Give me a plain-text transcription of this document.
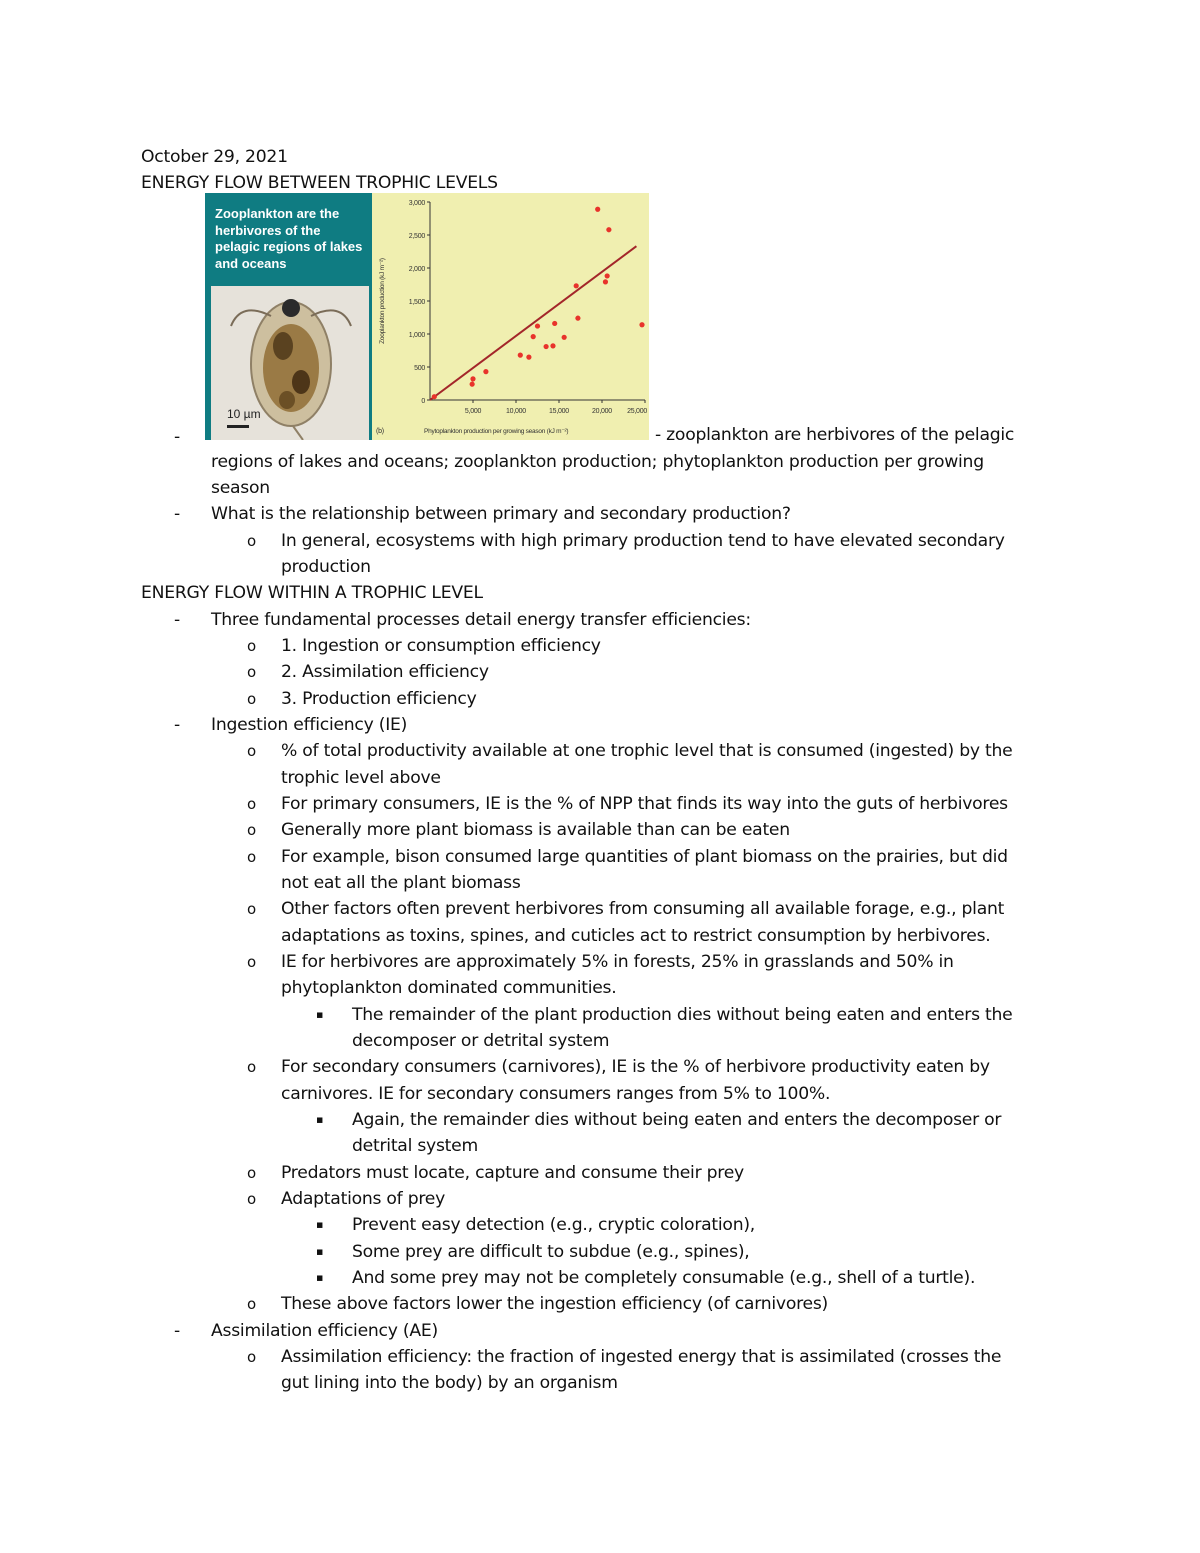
October 29, 2021
ENERGY FLOW BETWEEN TROPHIC LEVELS
Zooplankton are the herbivores of the pelagic regions of lakes and oceans
10 µm
0
500
1,000
1,500
2,000
2,500
3,000
5,000	10,000	15,000	20,000 25,000
Zooplankton production (kJ m⁻²)
Phytoplankton production per growing season (kJ m⁻²)
(b)
-	- zooplankton are herbivores of the pelagic
regions of lakes and oceans; zooplankton production; phytoplankton production per growing
season
- What is the relationship between primary and secondary production?
o In general, ecosystems with high primary production tend to have elevated secondary
production
ENERGY FLOW WITHIN A TROPHIC LEVEL
- Three fundamental processes detail energy transfer efficiencies:
o 1. Ingestion or consumption efficiency
o 2. Assimilation efficiency
o 3. Production efficiency
- Ingestion efficiency (IE)
o % of total productivity available at one trophic level that is consumed (ingested) by the
trophic level above
o For primary consumers, IE is the % of NPP that finds its way into the guts of herbivores
o Generally more plant biomass is available than can be eaten
o For example, bison consumed large quantities of plant biomass on the prairies, but did
not eat all the plant biomass
o Other factors often prevent herbivores from consuming all available forage, e.g., plant
adaptations as toxins, spines, and cuticles act to restrict consumption by herbivores.
o IE for herbivores are approximately 5% in forests, 25% in grasslands and 50% in
phytoplankton dominated communities.
▪ The remainder of the plant production dies without being eaten and enters the
decomposer or detrital system
o For secondary consumers (carnivores), IE is the % of herbivore productivity eaten by
carnivores. IE for secondary consumers ranges from 5% to 100%.
▪ Again, the remainder dies without being eaten and enters the decomposer or
detrital system
o Predators must locate, capture and consume their prey
o Adaptations of prey
▪ Prevent easy detection (e.g., cryptic coloration),
▪ Some prey are difficult to subdue (e.g., spines),
▪ And some prey may not be completely consumable (e.g., shell of a turtle).
o These above factors lower the ingestion efficiency (of carnivores)
- Assimilation efficiency (AE)
o Assimilation efficiency: the fraction of ingested energy that is assimilated (crosses the
gut lining into the body) by an organism
